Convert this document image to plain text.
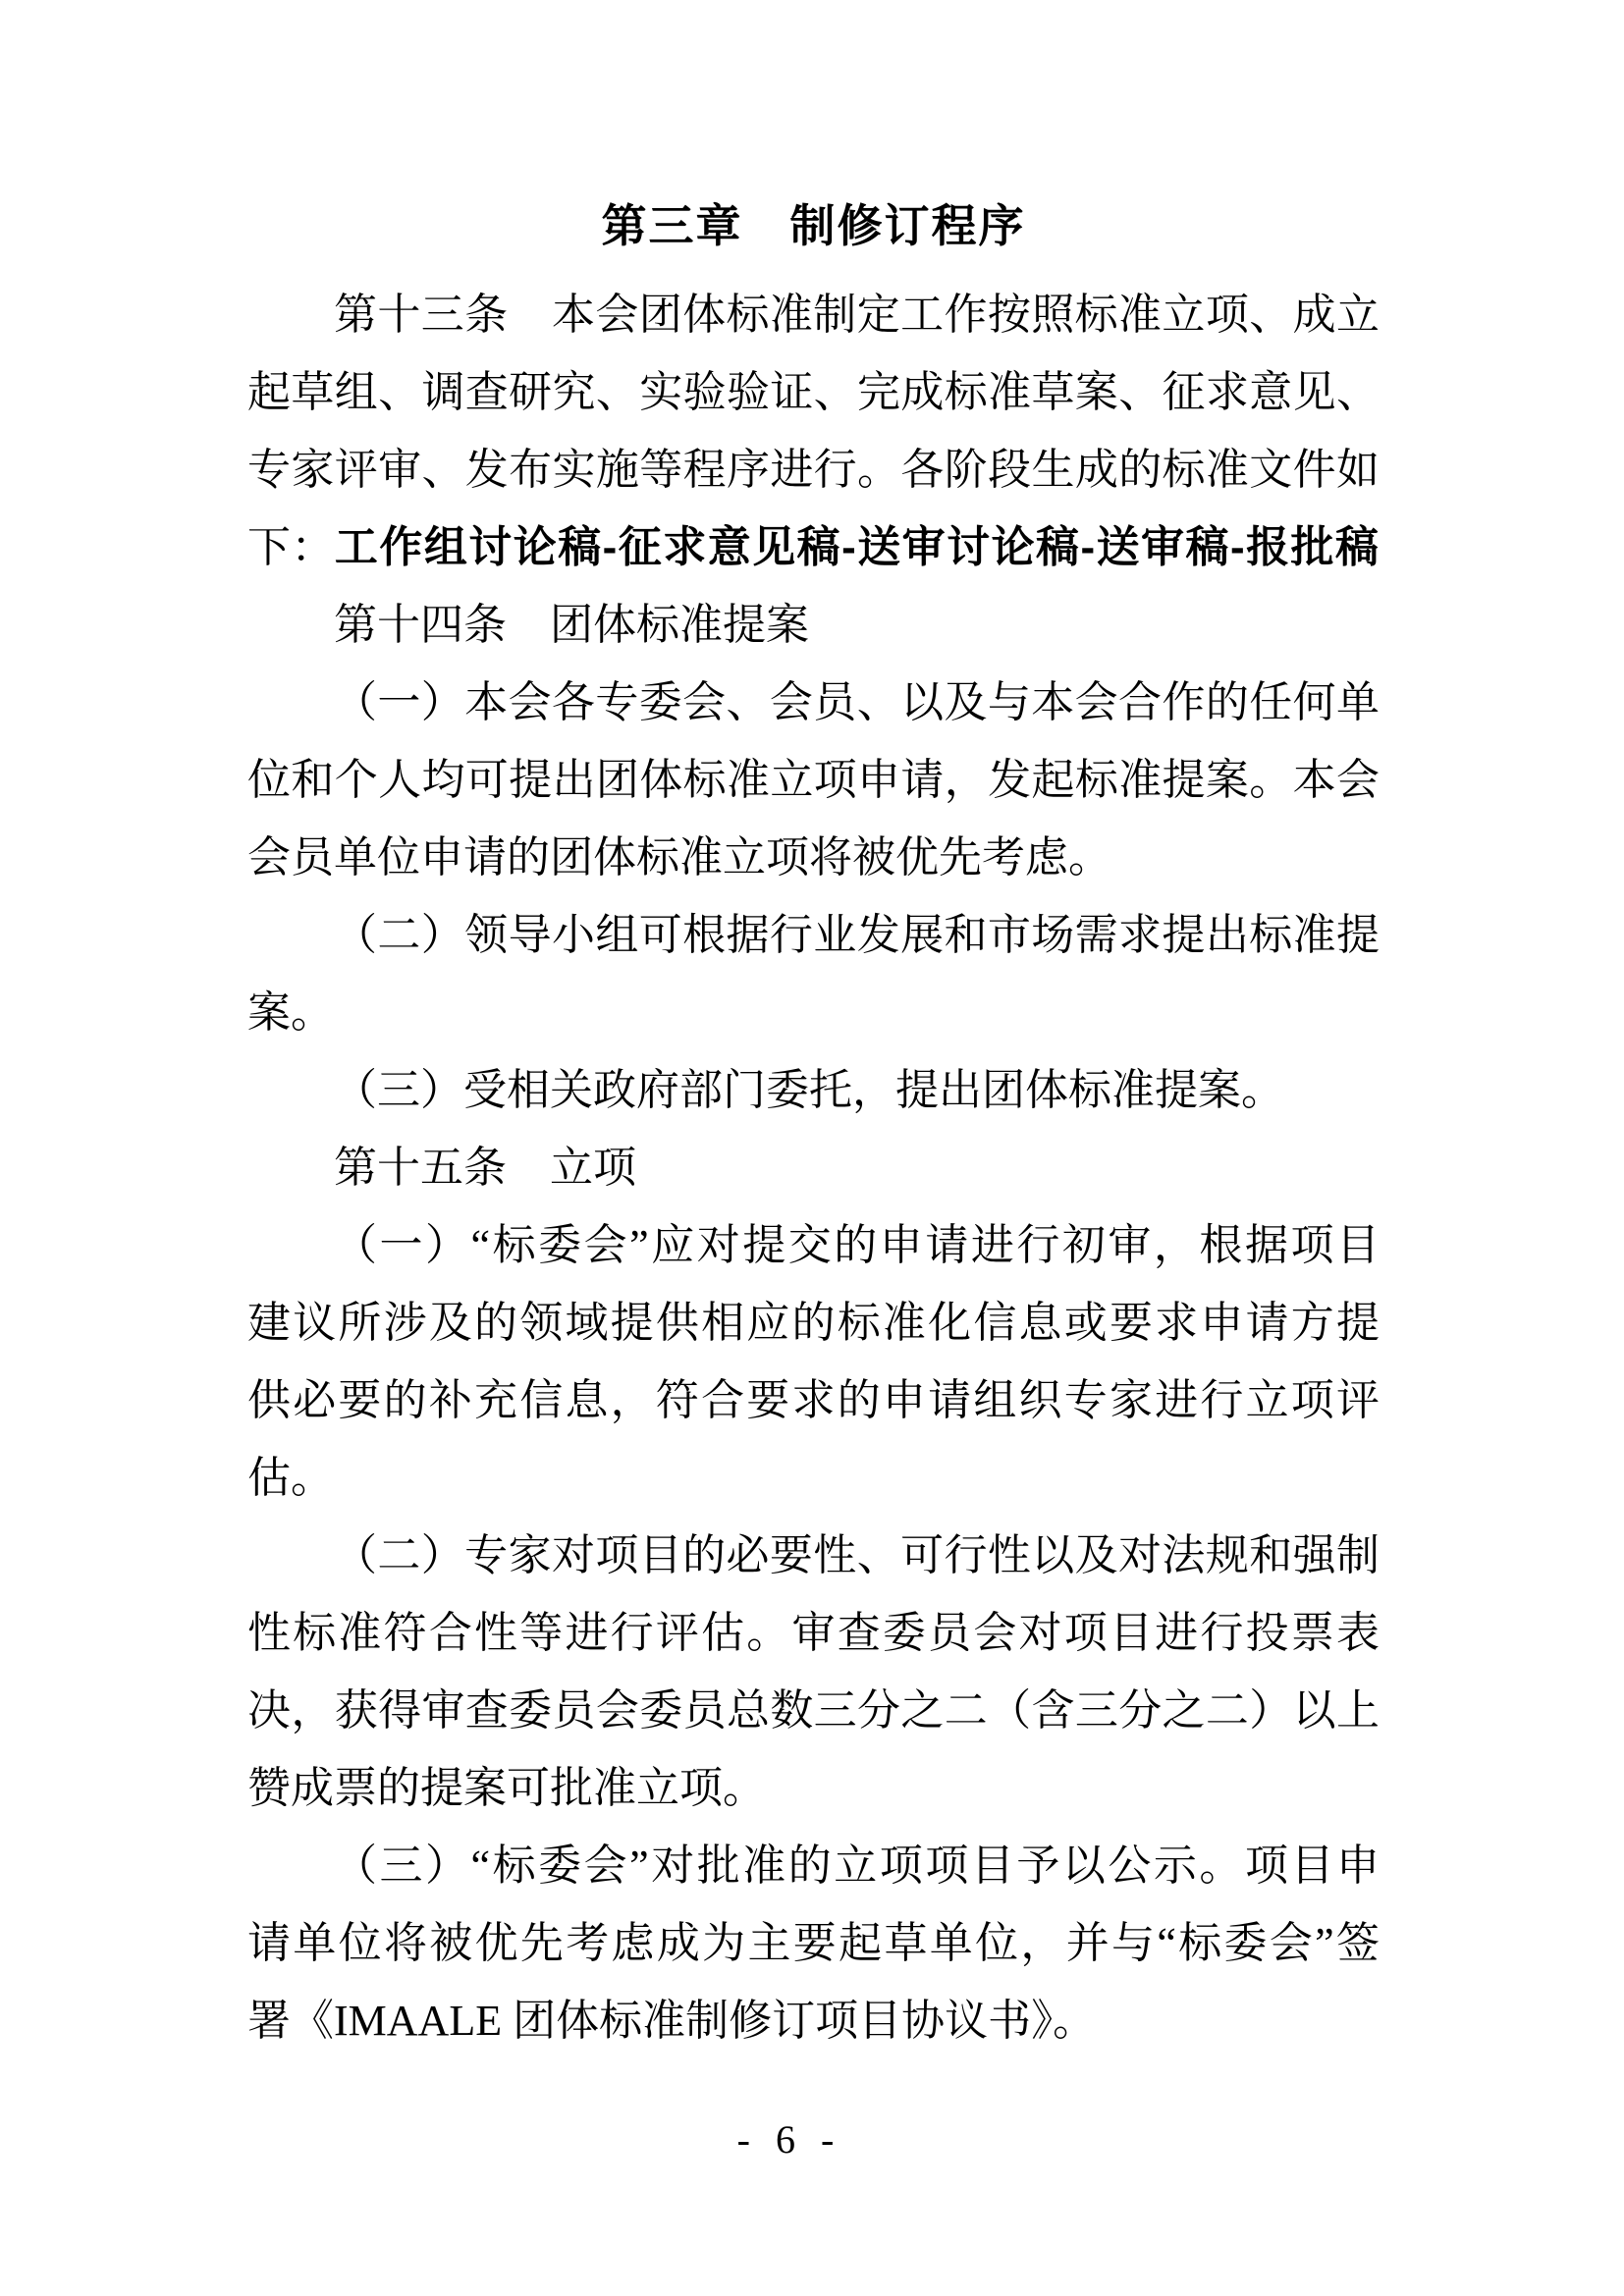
第三章　制修订程序
第十三条　本会团体标准制定工作按照标准立项、成立
起草组、调查研究、实验验证、完成标准草案、征求意见、
专家评审、发布实施等程序进行。各阶段生成的标准文件如
下：工作组讨论稿-征求意见稿-送审讨论稿-送审稿-报批稿
第十四条　团体标准提案
（一）本会各专委会、会员、以及与本会合作的任何单
位和个人均可提出团体标准立项申请，发起标准提案。本会
会员单位申请的团体标准立项将被优先考虑。
（二）领导小组可根据行业发展和市场需求提出标准提
案。
（三）受相关政府部门委托，提出团体标准提案。
第十五条　立项
（一）“标委会”应对提交的申请进行初审，根据项目
建议所涉及的领域提供相应的标准化信息或要求申请方提
供必要的补充信息，符合要求的申请组织专家进行立项评
估。
（二）专家对项目的必要性、可行性以及对法规和强制
性标准符合性等进行评估。审查委员会对项目进行投票表
决，获得审查委员会委员总数三分之二（含三分之二）以上
赞成票的提案可批准立项。
（三）“标委会”对批准的立项项目予以公示。项目申
请单位将被优先考虑成为主要起草单位，并与“标委会”签
署《IMAALE 团体标准制修订项目协议书》。
- 6 -
